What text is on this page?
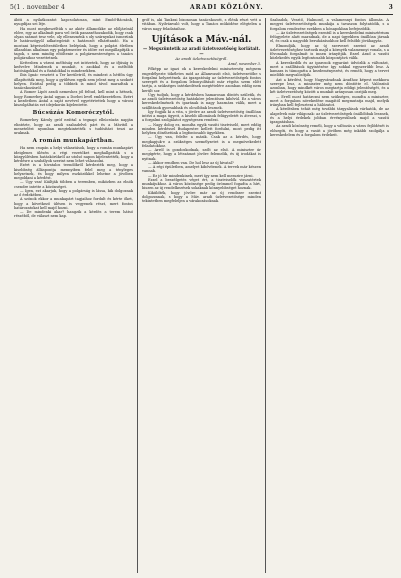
5(1 . november 4	ARADI KÖZLÖNY.	3

ábiti a nyilatkozatot kapcsolatosan, mint Emőd-Bácsánk, nyugdíjas sei léje.

Ha most megbeszéltük s az akiér államcikke az elöljárónál előre, egy az alkalmát para vel örök panaszéhozakodik, hogy csak olyan számot tesz vele, oly elleneznénk s oly szárnynkat ismerünk le határozógyűl adkategóriát s határozót elhárítandó. Ha a mostani képviselőtestülethez belépünk, hogy a polgári életben állandóan alkalmas egy polgármester és időre ezt megállapítják a tagok, s nem mindig eltöltenie a polgármesterségen a tanács polgáraihoz vezettetnek.

Kettesben a városi méltóság ezt intézetek, hogy az ifjúság is kedvelve Mindenek a munkát, s azokkal és a méltóbb hatóságokkal és a fiatalokkal is mindezekben.

Ibis Ignác vesztett a Ter kerületről, és mindezt a hétfőn úgy állapították meg, hogy a gyűlésen egyik sem jelent meg a szokott helyen. Ezúttal pedig a többiek is mind távol maradtak a tanácskozásról.

A Romer Lipót aradi nemeshez jól feltud, kell mint a hétnek, hogy Romerbey Antal ugyan a Dorbei levél emlékezetében. Ezért a kezdetben Antal a saját nevével egyetértettek hogy a városi kiszolgáltatás ezt idejekorán kijelentette.

Búcsúzás Komoróczytól.

Romerbey Károly gróf ezúttal a tegnapi elbúcsúzás napján elintézte, hogy az aradi szabadelvű párt és a Mávitól a menetelést nyomban megtekintették s tudósítást teszi az uraknak.

A román munkapártban.

Ha nem csupán a helyi választások, hogy a román munkapárt ideiglenes ülésén a régi vezetőket meghallgatták s a közgyűlésben hatáskörükről az utolsó napon kijelentették, hogy a kérdésre a szabályok szerint nem lehet válaszolni.

Ezért is a hivatalos teendőkről kérdezték meg, hogy a kisebbség álláspontja mennyiben felel meg a tényleges helyzetnek, és hogy milyen eszközökkel lehetne a jövőben megoldani a kérdést.

— Úgy van! Kiáltják többen a teremben, miközben az elnök csendre intette a közönséget.

— Igen, ezt akarjuk, hogy a polgárság is lássa, kik dolgoznak az ő érdekében.

A szónok ekkor a munkapárt tagjaihoz fordult és kérte őket, hogy a következő ülésen is vegyenek részt, mert fontos határozatokat kell majd hozni.

— De mindenki akar? hangzik a kérdés a terem hátsó részéből, de választ nem kap.

gróf is, aki Tankrai bizonosan tanácskozott, s élénk részt vett a vitában. Nyilvánvaló volt, hogy a Tanács működése elégtelen a város nagy feladataihoz.

Ujítások a Máv.-nál.

— Megszüntetik az aradi üzletvezetőség korlátait. —

Az aradi üzletvezetőségről.

Arad, november 3.

Főképp az igazi ok a kereskedelmi miniszterség mégsem engedélyezte tökéletes mód az Államvasút elsó, üzletvezetőbe s forgalmi helyzetének. Az igazgatóság az üzletvezetőségek fontos szerepét és a forgalom lebonyolítását már régóta szem előtt tartja, a szükséges intézkedések megtételére azonban eddig nem került sor.

Úgy tudjuk, hogy a kérdésben hamarosan döntés születik, és az aradi üzletvezetőség hatásköre jelentősen kibővül. Ez a város kereskedelmének és iparának is nagy hasznára válik, mert a szállítások gyorsabbak és olcsóbbak lesznek.

Így fogják ki a vita, s jövőre az aradi üzletvezetőség önállóan intézi a maga ügyeit, a kisebb állomások felügyeletét is átveszi, s a forgalmi szolgálatot egységesen rendezi.

— Nagy dolog ez, mondta egyik vasúti tisztviselő, mert eddig minden kérdéssel Budapestre kellett fordulni, most pedig itt helyben dönthetünk a legfontosabb ügyekben.

— Úgy van, felelte a másik. Csak az a kérdés, hogy megkapjuk-e a szükséges személyzetet is a megnövekedett feladatokhoz.

— Arról is gondoskodnak, szólt az első. A miniszter úr megígérte, hogy a létszámot jövőre felemelik, és új irodákat is nyitnak.

— Akkor rendben van. De hol lesz az új hivatal?

— A régi épületben, amelyet kibővítenek. A tervek már készen vannak.

— Ez jó hír mindenkinek, mert így nem kell messzire járni.

Ezzel a beszélgetés véget ért, a tisztviselők visszatértek munkájukhoz. A város közönsége pedig örömmel fogadta a hírt, hiszen az új rendelkezések sokaknak könnyebbséget hoznak.

Kiküldték, hogy jövőre már az új rendszer szerint dolgozzanak, s hogy a Máv. aradi üzletvezetősége minden tekintetben megfeleljen a várakozásoknak.

Szabadok, Vesztő, Halmosd, a valamennyi fontos állomás. A megyei üzletvezetőségek munkája a tavaszon folytatódik, s a forgalom rendezése ezekben a hónapokban befejeződik.

— Az üzletvezetőségek ezentúl is a kereskedelmi minisztérium felügyelete alatt maradnak, de a napi ügyekben önállóan járnak el, és csak a nagyobb beruházásokhoz kell felsőbb jóváhagyás.

Elmondják, hogy az új szervezet szerint az aradi üzletvezetőséghez tartozik majd a környék valamennyi vonala, s a fővonalak forgalmát is innen irányítják. Ezzel Arad a vasúti közlekedés egyik legfontosabb központjává válik.

A kereskedők és az iparosok egyaránt üdvözlik a változást, mert a szállítások ügyintézése így sokkal egyszerűbb lesz. A kamara is támogatta a kezdeményezést, és reméli, hogy a tervet mielőbb megvalósítják.

Azt a kérdést, hogy Nagyváradnak Aradhoz képest mekkora szerepe lesz, a miniszter még nem döntötte el. Valószínű azonban, hogy mindkét város megtartja eddigi jelentőségét, és a két üzletvezetőség között a munkát arányosan osztják meg.

— Erről most határozni nem szükséges, mondta a miniszter, mert a forgalom növekedése magától megmutatja majd, melyik irányban kell fejleszteni a hálózatot.

A kérdésben tehát még további tárgyalások várhatók, de az alapelvek már világosak: az üzletvezetőségek önállóbbak lesznek, és a helyi érdekek jobban érvényesülnek majd a vasúti igazgatásban.

Az aradi közönség reméli, hogy a változás a város fejlődését is elősegíti, és hogy a vasút a jövőben még inkább szolgálja a kereskedelem és a forgalom érdekeit.
